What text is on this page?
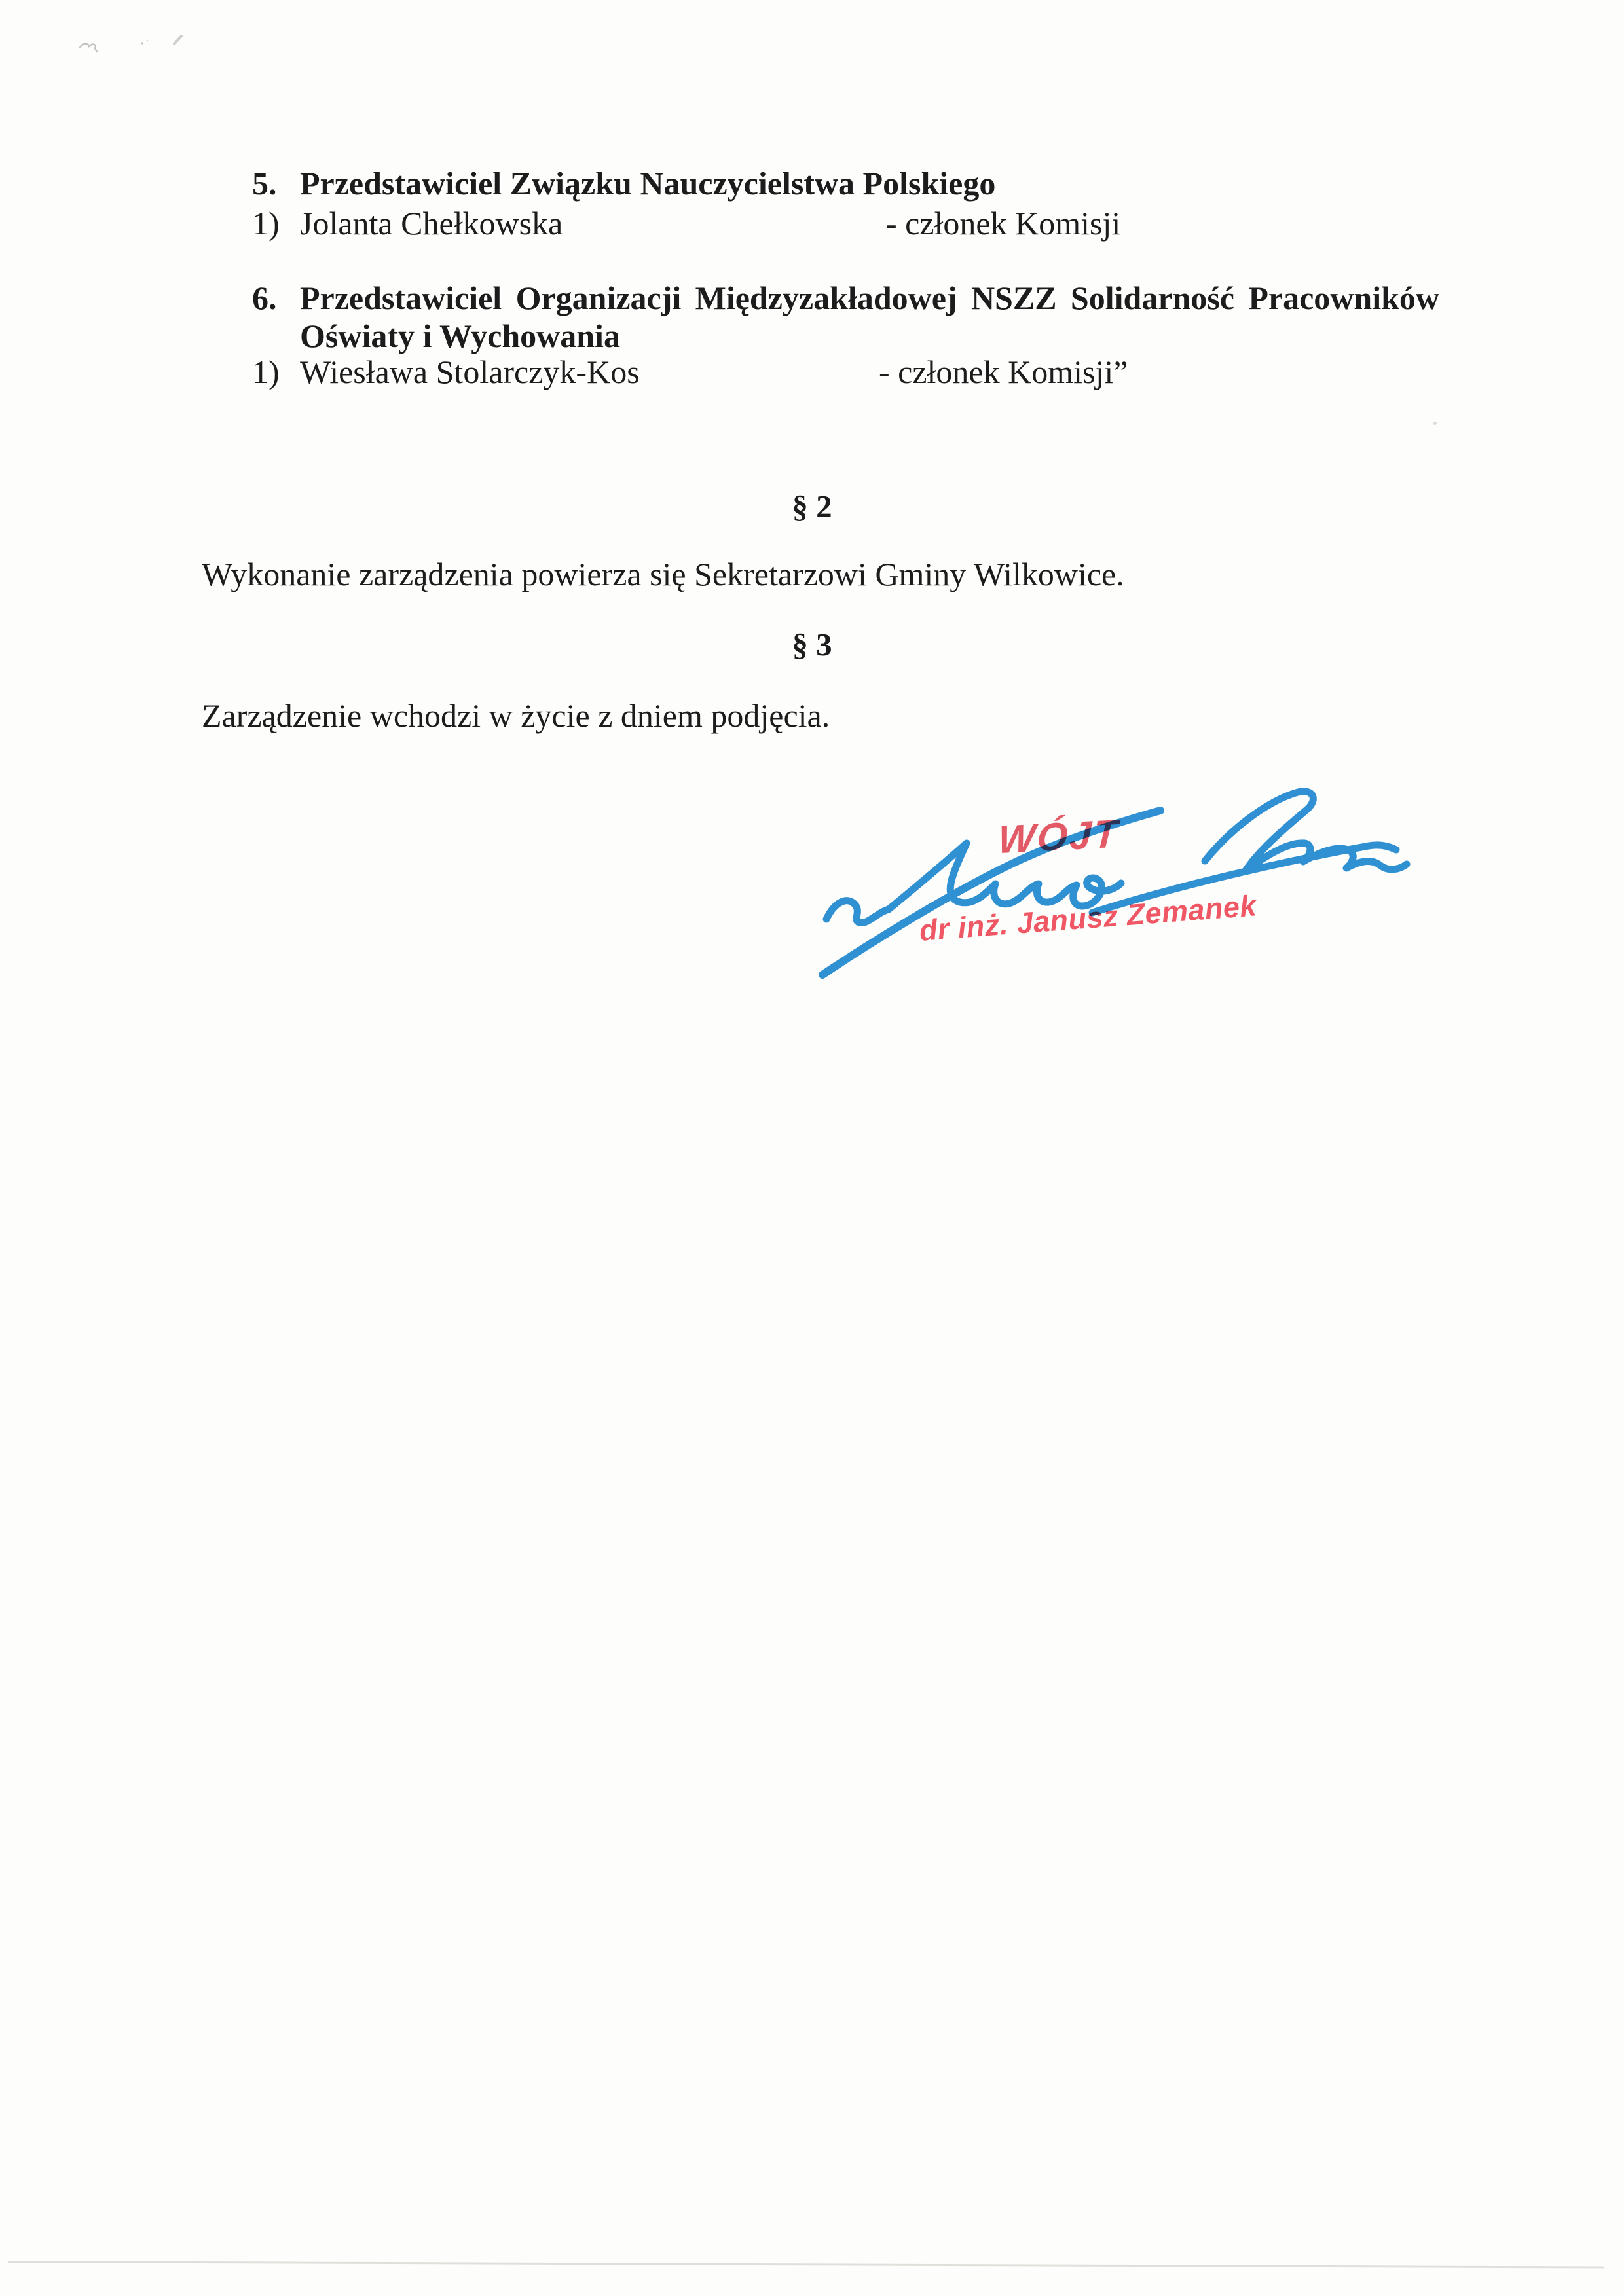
5. Przedstawiciel Związku Nauczycielstwa Polskiego
1) Jolanta Chełkowska	- członek Komisji
6. Przedstawiciel Organizacji Międzyzakładowej NSZZ Solidarność Pracowników
Oświaty i Wychowania
1) Wiesława Stolarczyk-Kos	- członek Komisji”
§ 2
Wykonanie zarządzenia powierza się Sekretarzowi Gminy Wilkowice.
§ 3
Zarządzenie wchodzi w życie z dniem podjęcia.
WÓJT
dr inż. Janusz Zemanek
